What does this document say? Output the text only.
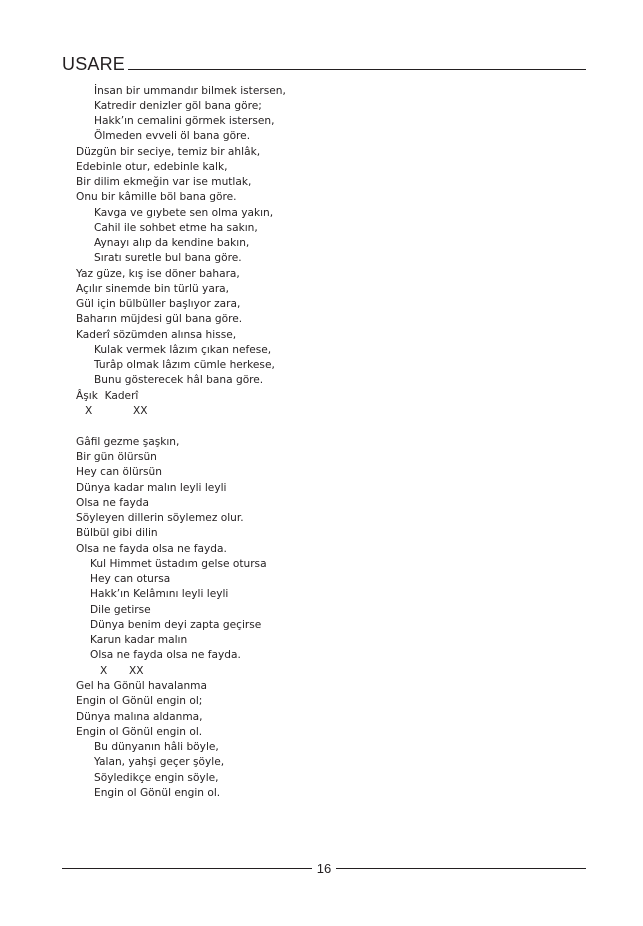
USARE
İnsan bir ummandır bilmek istersen,
Katredir denizler göl bana göre;
Hakk’ın cemalini görmek istersen,
Ölmeden evveli öl bana göre.
Düzgün bir seciye, temiz bir ahlâk,
Edebinle otur, edebinle kalk,
Bir dilim ekmeğin var ise mutlak,
Onu bir kâmille böl bana göre.
Kavga ve gıybete sen olma yakın,
Cahil ile sohbet etme ha sakın,
Aynayı alıp da kendine bakın,
Sıratı suretle bul bana göre.
Yaz güze, kış ise döner bahara,
Açılır sinemde bin türlü yara,
Gül için bülbüller başlıyor zara,
Baharın müjdesi gül bana göre.
Kaderî sözümden alınsa hisse,
Kulak vermek lâzım çıkan nefese,
Turâp olmak lâzım cümle herkese,
Bunu gösterecek hâl bana göre.
Âşık  Kaderî
X	XX
Gâfil gezme şaşkın,
Bir gün ölürsün
Hey can ölürsün
Dünya kadar malın leyli leyli
Olsa ne fayda
Söyleyen dillerin söylemez olur.
Bülbül gibi dilin
Olsa ne fayda olsa ne fayda.
Kul Himmet üstadım gelse otursa
Hey can otursa
Hakk’ın Kelâmını leyli leyli
Dile getirse
Dünya benim deyi zapta geçirse
Karun kadar malın
Olsa ne fayda olsa ne fayda.
X XX
Gel ha Gönül havalanma
Engin ol Gönül engin ol;
Dünya malına aldanma,
Engin ol Gönül engin ol.
Bu dünyanın hâli böyle,
Yalan, yahşi geçer şöyle,
Söyledikçe engin söyle,
Engin ol Gönül engin ol.
16
